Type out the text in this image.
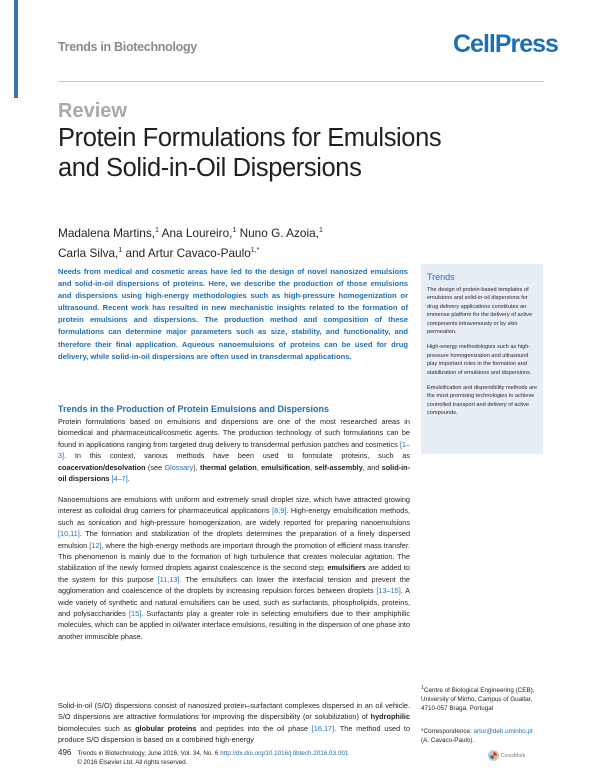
Trends in Biotechnology	CellPress
Review
Protein Formulations for Emulsions and Solid-in-Oil Dispersions
Madalena Martins,$^1$ Ana Loureiro,$^1$ Nuno G. Azoia,$^1$
Carla Silva,$^1$ and Artur Cavaco-Paulo$^{1,*}$
Needs from medical and cosmetic areas have led to the design of novel nanosized emulsions and solid-in-oil dispersions of proteins. Here, we describe the production of those emulsions and dispersions using high-energy methodologies such as high-pressure homogenization or ultrasound. Recent work has resulted in new mechanistic insights related to the formation of protein emulsions and dispersions. The production method and composition of these formulations can determine major parameters such as size, stability, and functionality, and therefore their final application. Aqueous nanoemulsions of proteins can be used for drug delivery, while solid-in-oil dispersions are often used in transdermal applications.
Trends

The design of protein-based templates of emulsions and solid-in-oil dispersions for drug delivery applications constitutes an immense platform for the delivery of active components intravenously or by skin permeation.

High-energy methodologies such as high-pressure homogenization and ultrasound play important roles in the formation and stabilization of emulsions and dispersions.

Emulsification and dispersibility methods are the most promising technologies to achieve controlled transport and delivery of active compounds.

Trends in the Production of Protein Emulsions and Dispersions

Protein formulations based on emulsions and dispersions are one of the most researched areas in biomedical and pharmaceutical/cosmetic agents. The production technology of such formulations can be found in applications ranging from targeted drug delivery to transdermal perfusion patches and cosmetics [1–3]. In this context, various methods have been used to formulate proteins, such as coacervation/desolvation (see Glossary), thermal gelation, emulsification, self-assembly, and solid-in-oil dispersions [4–7].

Nanoemulsions are emulsions with uniform and extremely small droplet size, which have attracted growing interest as colloidal drug carriers for pharmaceutical applications [8,9]. High-energy emulsification methods, such as sonication and high-pressure homogenization, are widely reported for preparing nanoemulsions [10,11]. The formation and stabilization of the droplets determines the preparation of a finely dispersed emulsion [12], where the high-energy methods are important through the promotion of efficient mass transfer. This phenomenon is mainly due to the formation of high turbulence that creates molecular agitation. The stabilization of the newly formed droplets against coalescence is the second step; emulsifiers are added to the system for this purpose [11,13]. The emulsifiers can lower the interfacial tension and prevent the agglomeration and coalescence of the droplets by increasing repulsion forces between droplets [13–15]. A wide variety of synthetic and natural emulsifiers can be used, such as surfactants, phospholipids, proteins, and polysaccharides [15]. Surfactants play a greater role in selecting emulsifiers due to their amphiphilic molecules, which can be applied in oil/water interface emulsions, resulting in the dispersion of one phase into another immiscible phase.

Solid-in-oil (S/O) dispersions consist of nanosized protein–surfactant complexes dispersed in an oil vehicle. S/O dispersions are attractive formulations for improving the dispersibility (or solubilization) of hydrophilic biomolecules such as globular proteins and peptides into the oil phase [16,17]. The method used to produce S/O dispersion is based on a combined high-energy

$^1$Centre of Biological Engineering (CEB), University of Minho, Campus of Gualtar, 4710-057 Braga, Portugal
*Correspondence: artur@deb.uminho.pt
(A. Cavaco-Paulo).
496 Trends in Biotechnology, June 2016, Vol. 34, No. 6 http://dx.doi.org/10.1016/j.tibtech.2016.03.001
© 2016 Elsevier Ltd. All rights reserved.
CrossMark
